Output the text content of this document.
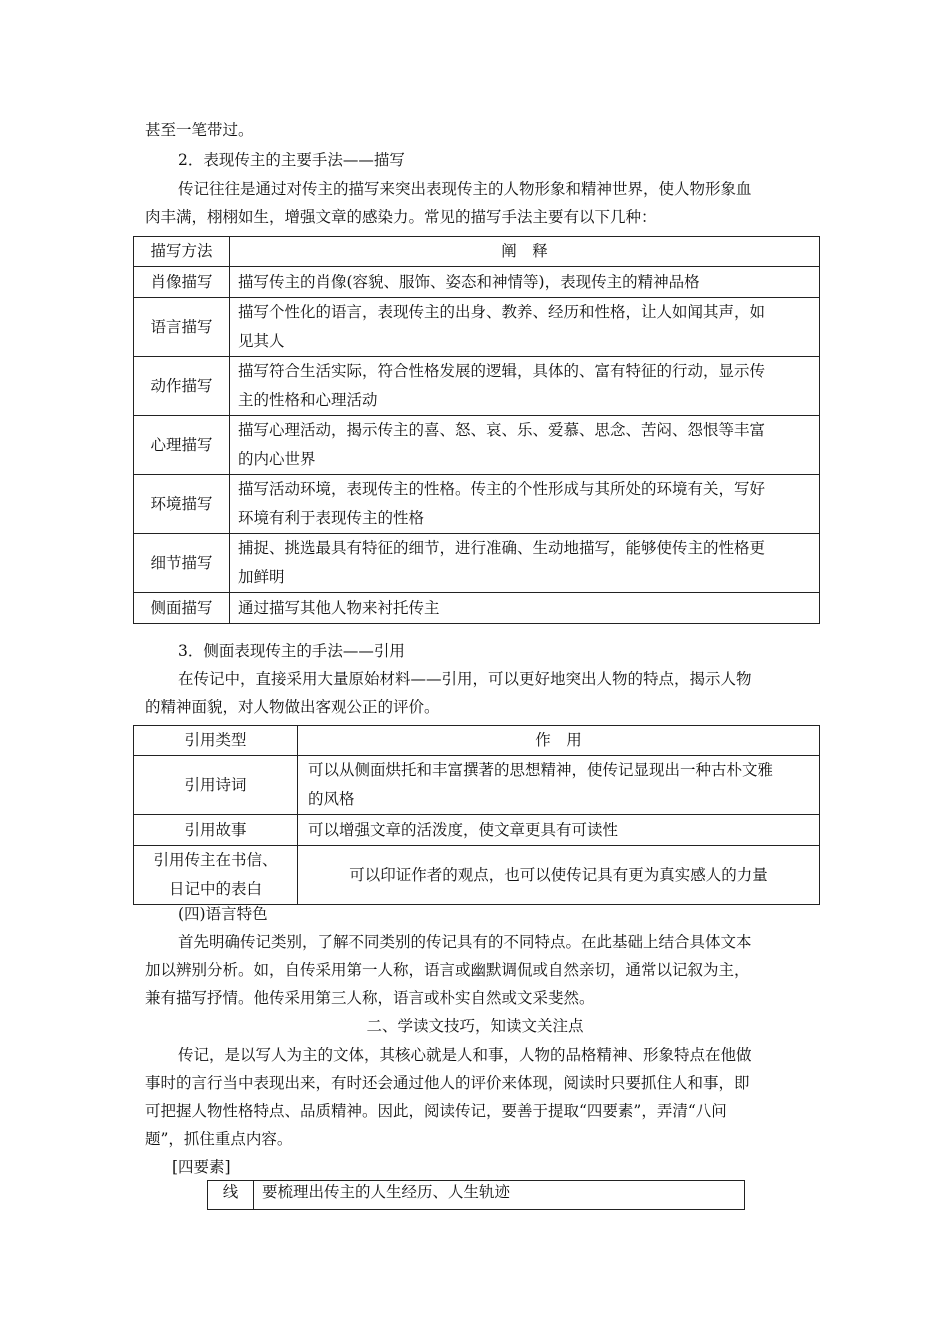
甚至一笔带过。
2．表现传主的主要手法——描写
传记往往是通过对传主的描写来突出表现传主的人物形象和精神世界，使人物形象血
肉丰满，栩栩如生，增强文章的感染力。常见的描写手法主要有以下几种：
描写方法	阐　释
肖像描写	描写传主的肖像(容貌、服饰、姿态和神情等)，表现传主的精神品格
语言描写	描写个性化的语言，表现传主的出身、教养、经历和性格，让人如闻其声，如
见其人
动作描写	描写符合生活实际，符合性格发展的逻辑，具体的、富有特征的行动，显示传
主的性格和心理活动
心理描写	描写心理活动，揭示传主的喜、怒、哀、乐、爱慕、思念、苦闷、怨恨等丰富
的内心世界
环境描写	描写活动环境，表现传主的性格。传主的个性形成与其所处的环境有关，写好
环境有利于表现传主的性格
细节描写	捕捉、挑选最具有特征的细节，进行准确、生动地描写，能够使传主的性格更
加鲜明
侧面描写	通过描写其他人物来衬托传主
3．侧面表现传主的手法——引用
在传记中，直接采用大量原始材料——引用，可以更好地突出人物的特点，揭示人物
的精神面貌，对人物做出客观公正的评价。
引用类型	作　用
引用诗词	可以从侧面烘托和丰富撰著的思想精神，使传记显现出一种古朴文雅
的风格
引用故事	可以增强文章的活泼度，使文章更具有可读性
引用传主在书信、
日记中的表白	可以印证作者的观点，也可以使传记具有更为真实感人的力量
(四)语言特色
首先明确传记类别，了解不同类别的传记具有的不同特点。在此基础上结合具体文本
加以辨别分析。如，自传采用第一人称，语言或幽默调侃或自然亲切，通常以记叙为主，
兼有描写抒情。他传采用第三人称，语言或朴实自然或文采斐然。
二、学读文技巧，知读文关注点
传记，是以写人为主的文体，其核心就是人和事，人物的品格精神、形象特点在他做
事时的言行当中表现出来，有时还会通过他人的评价来体现，阅读时只要抓住人和事，即
可把握人物性格特点、品质精神。因此，阅读传记，要善于提取“四要素”，弄清“八问
题”，抓住重点内容。
[四要素]
线	要梳理出传主的人生经历、人生轨迹
